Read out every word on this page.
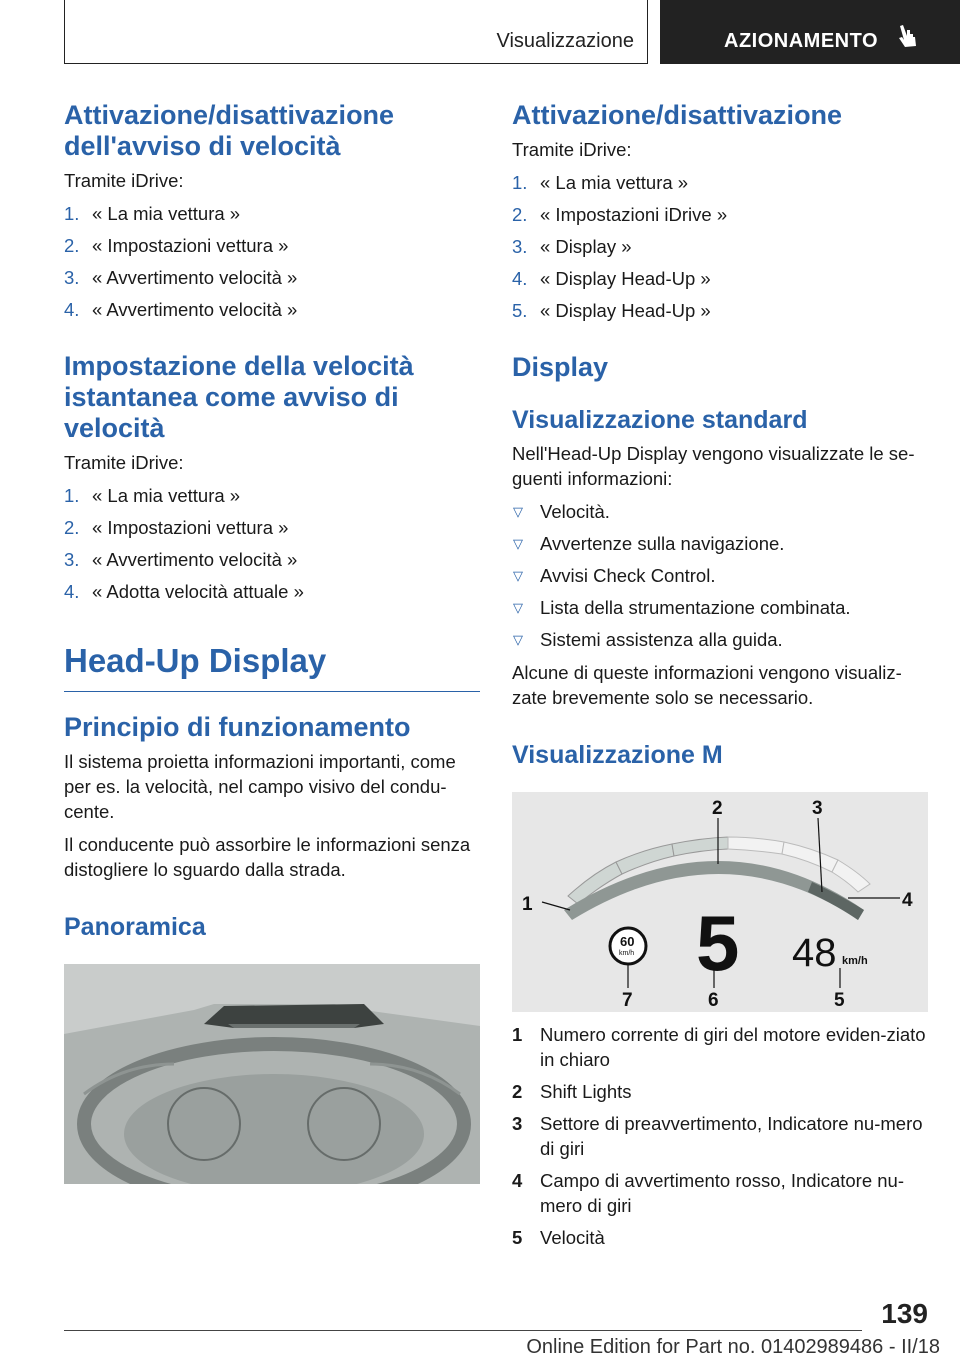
Visualizzazione	AZIONAMENTO
Attivazione/disattivazione dell'avviso di velocità

Tramite iDrive:

1. « La mia vettura »
2. « Impostazioni vettura »
3. « Avvertimento velocità »
4. « Avvertimento velocità »
Impostazione della velocità istantanea come avviso di velocità

Tramite iDrive:

1. « La mia vettura »
2. « Impostazioni vettura »
3. « Avvertimento velocità »
4. « Adotta velocità attuale »
Head-Up Display
Principio di funzionamento

Il sistema proietta informazioni importanti, come per es. la velocità, nel campo visivo del condu-cente.

Il conducente può assorbire le informazioni senza distogliere lo sguardo dalla strada.

Panoramica
Attivazione/disattivazione

Tramite iDrive:

1. « La mia vettura »
2. « Impostazioni iDrive »
3. « Display »
4. « Display Head-Up »
5. « Display Head-Up »
Display
Visualizzazione standard

Nell'Head-Up Display vengono visualizzate le se-guenti informazioni:

▽ Velocità.
▽ Avvertenze sulla navigazione.
▽ Avvisi Check Control.
▽ Lista della strumentazione combinata.
▽ Sistemi assistenza alla guida.

Alcune di queste informazioni vengono visualiz-zate brevemente solo se necessario.

Visualizzazione M
5 48 km/h
60
km/h
1
2	3
4
5
6
7
1 Numero corrente di giri del motore eviden-ziato in chiaro
2 Shift Lights
3 Settore di preavvertimento, Indicatore nu-mero di giri
4 Campo di avvertimento rosso, Indicatore nu-mero di giri
5 Velocità
139
Online Edition for Part no. 01402989486 - II/18
